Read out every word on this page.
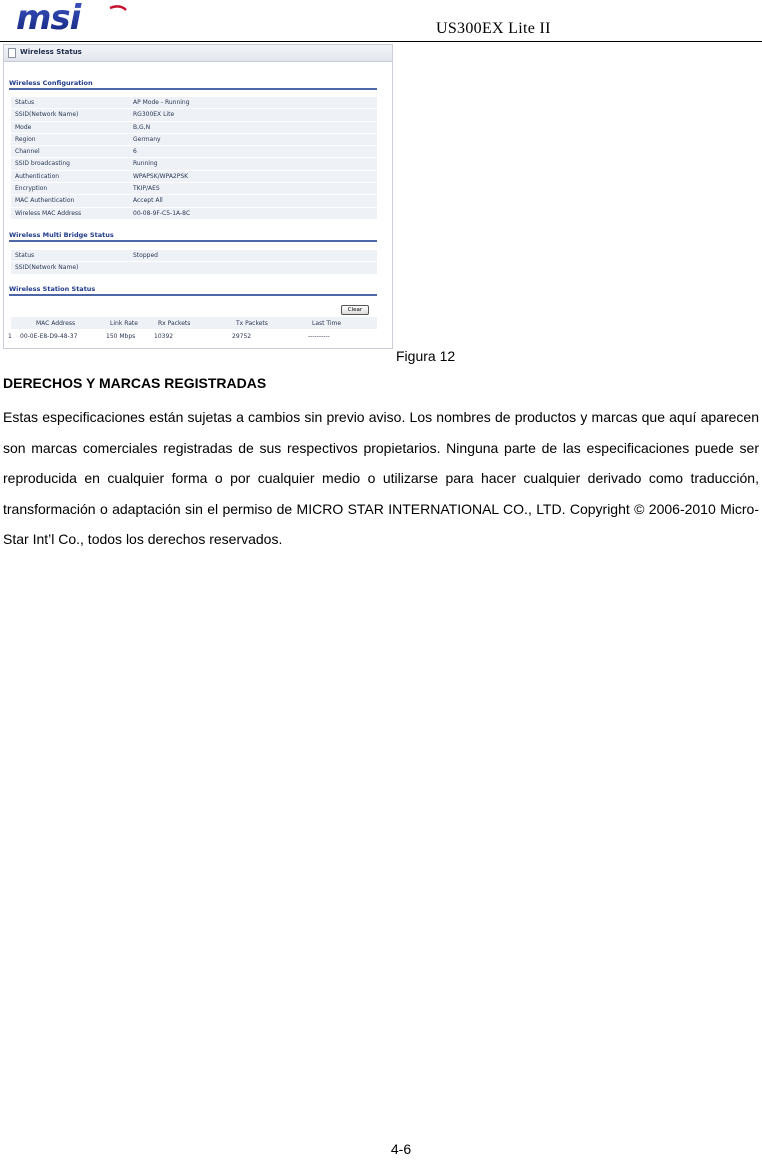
msi	US300EX Lite II
Wireless Status
Wireless Configuration
Status	AP Mode - Running
SSID(Network Name)	RG300EX Lite
Mode	B,G,N
Region	Germany
Channel	6
SSID broadcasting	Running
Authentication	WPAPSK/WPA2PSK
Encryption	TKIP/AES
MAC Authentication	Accept All
Wireless MAC Address	00-08-9F-C5-1A-8C
Wireless Multi Bridge Status
Status	Stopped
SSID(Network Name)
Wireless Station Status
Clear
MAC Address	Link Rate	Rx Packets	Tx Packets	Last Time
1 00-0E-E8-D9-48-37	150 Mbps	10392	29752	----------
Figura 12
DERECHOS Y MARCAS REGISTRADAS
Estas especificaciones están sujetas a cambios sin previo aviso. Los nombres de productos y marcas que aquí aparecen son marcas comerciales registradas de sus respectivos propietarios. Ninguna parte de las especificaciones puede ser reproducida en cualquier forma o por cualquier medio o utilizarse para hacer cualquier derivado como traducción, transformación o adaptación sin el permiso de MICRO STAR INTERNATIONAL CO., LTD. Copyright © 2006-2010 Micro-Star Int’l Co., todos los derechos reservados.
4-6
